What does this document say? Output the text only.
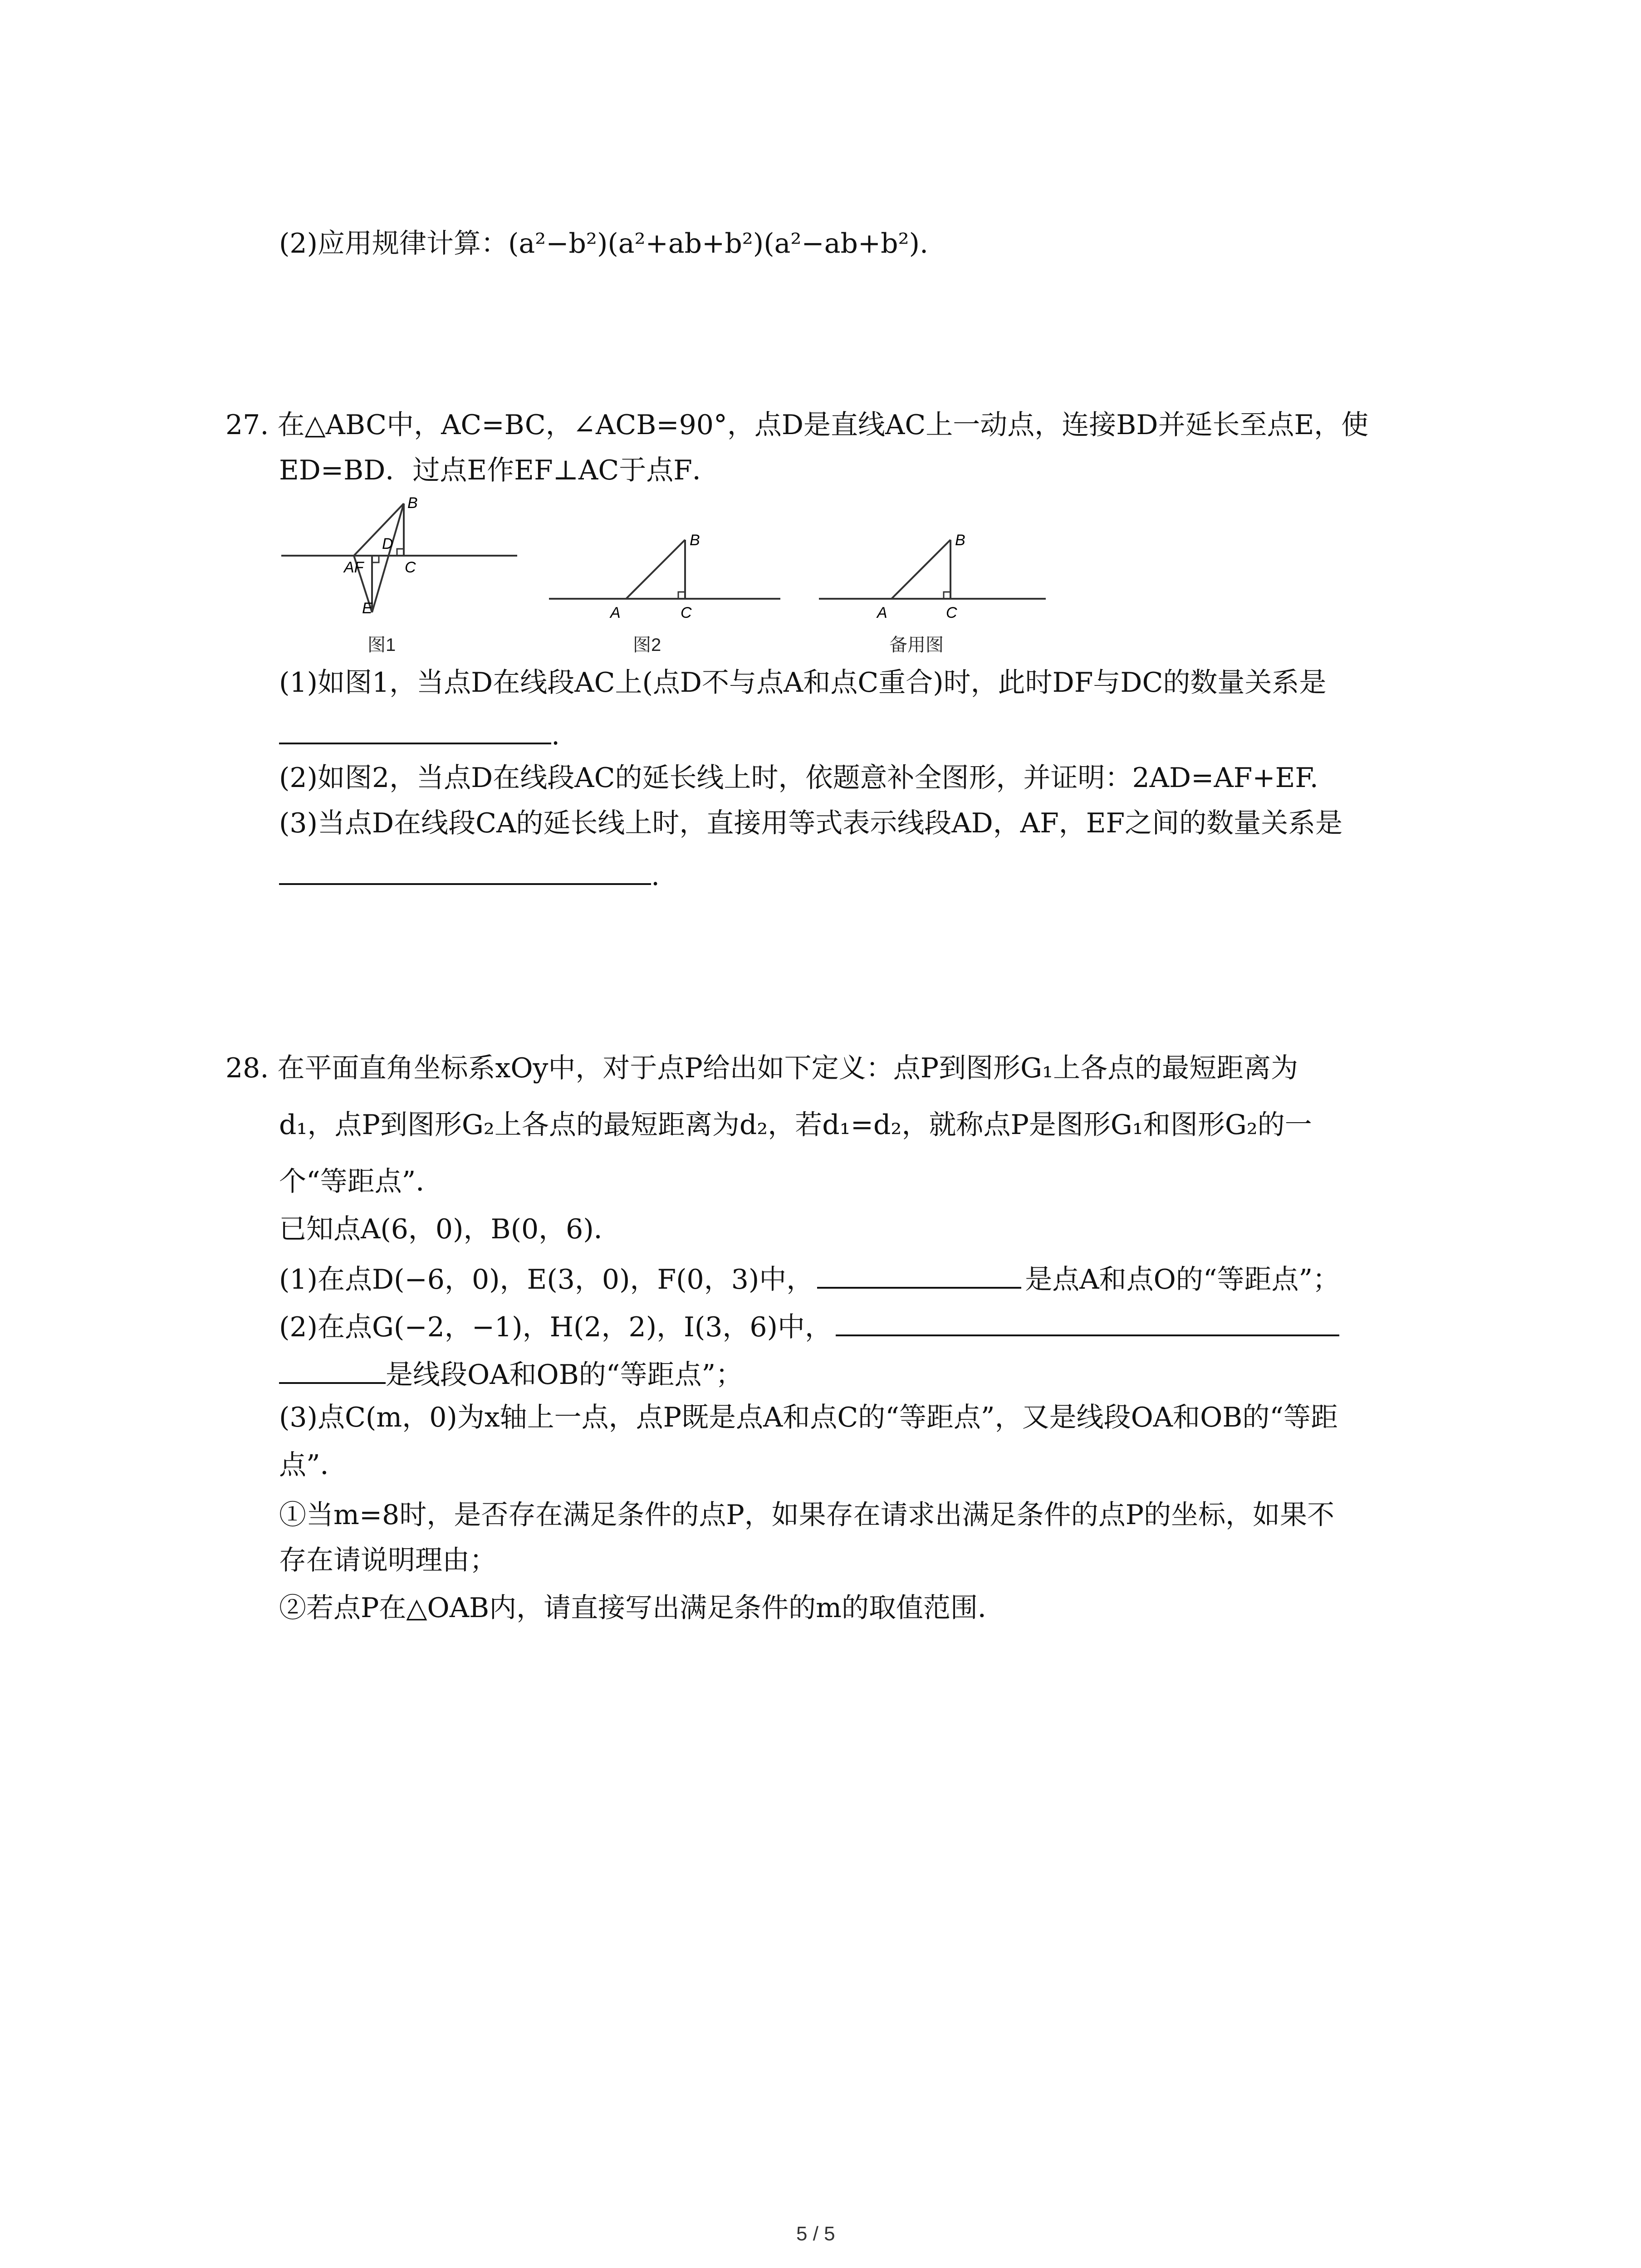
(2)应用规律计算：(a²−b²)(a²+ab+b²)(a²−ab+b²).
27. 在△ABC中，AC=BC，∠ACB=90°，点D是直线AC上一动点，连接BD并延长至点E，使
ED=BD．过点E作EF⊥AC于点F．
B
D
AF	C
E
图1
B
A	C
图2
B
A	C
备用图
(1)如图1，当点D在线段AC上(点D不与点A和点C重合)时，此时DF与DC的数量关系是
.
(2)如图2，当点D在线段AC的延长线上时，依题意补全图形，并证明：2AD=AF+EF.
(3)当点D在线段CA的延长线上时，直接用等式表示线段AD，AF，EF之间的数量关系是
.
28. 在平面直角坐标系xOy中，对于点P给出如下定义：点P到图形G₁上各点的最短距离为
d₁，点P到图形G₂上各点的最短距离为d₂，若d₁=d₂，就称点P是图形G₁和图形G₂的一
个“等距点”．
已知点A(6，0)，B(0，6)．
(1)在点D(−6，0)，E(3，0)，F(0，3)中，	是点A和点O的“等距点”；
(2)在点G(−2，−1)，H(2，2)，I(3，6)中，
是线段OA和OB的“等距点”；
(3)点C(m，0)为x轴上一点，点P既是点A和点C的“等距点”，又是线段OA和OB的“等距
点”．
①当m=8时，是否存在满足条件的点P，如果存在请求出满足条件的点P的坐标，如果不
存在请说明理由；
②若点P在△OAB内，请直接写出满足条件的m的取值范围．
5 / 5
